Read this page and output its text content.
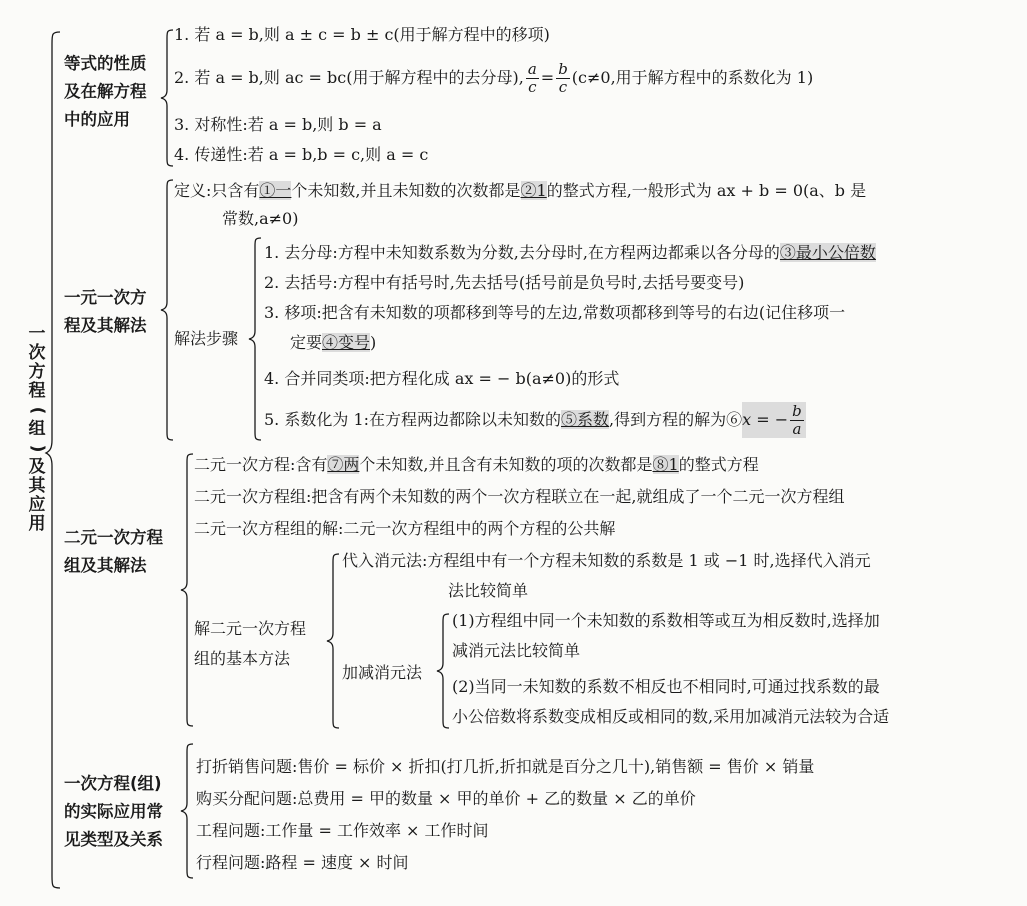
一
次
方
程
(
组
)
及
其
应
用
等式的性质
及在解方程
中的应用
1. 若 a = b,则 a ± c = b ± c(用于解方程中的移项)
2. 若 a = b,则 ac = bc(用于解方程中的去分母), $\frac{a}{c} = \frac{b}{c} (c\ne 0$,用于解方程中的系数化为 1)
3. 对称性:若 a = b,则 b = a
4. 传递性:若 a = b,b = c,则 a = c
一元一次方
程及其解法
定义:只含有①一个未知数,并且未知数的次数都是②1的整式方程,一般形式为 ax + b = 0(a、b 是
常数,a≠0)
解法步骤
1. 去分母:方程中未知数系数为分数,去分母时,在方程两边都乘以各分母的③最小公倍数
2. 去括号:方程中有括号时,先去括号(括号前是负号时,去括号要变号)
3. 移项:把含有未知数的项都移到等号的左边,常数项都移到等号的右边(记住移项一
定要④变号)
4. 合并同类项:把方程化成 ax = − b(a≠0)的形式
5. 系数化为 1:在方程两边都除以未知数的⑤系数,得到方程的解为⑥x = − $\frac{b}{a}$
二元一次方程
组及其解法
二元一次方程:含有⑦两个未知数,并且含有未知数的项的次数都是⑧1的整式方程
二元一次方程组:把含有两个未知数的两个一次方程联立在一起,就组成了一个二元一次方程组
二元一次方程组的解:二元一次方程组中的两个方程的公共解
解二元一次方程
组的基本方法
代入消元法:方程组中有一个方程未知数的系数是 1 或 −1 时,选择代入消元
法比较简单
加减消元法
(1)方程组中同一个未知数的系数相等或互为相反数时,选择加
减消元法比较简单
(2)当同一未知数的系数不相反也不相同时,可通过找系数的最
小公倍数将系数变成相反或相同的数,采用加减消元法较为合适
一次方程(组)
的实际应用常
见类型及关系
打折销售问题:售价 = 标价 × 折扣(打几折,折扣就是百分之几十),销售额 = 售价 × 销量
购买分配问题:总费用 = 甲的数量 × 甲的单价 + 乙的数量 × 乙的单价
工程问题:工作量 = 工作效率 × 工作时间
行程问题:路程 = 速度 × 时间
